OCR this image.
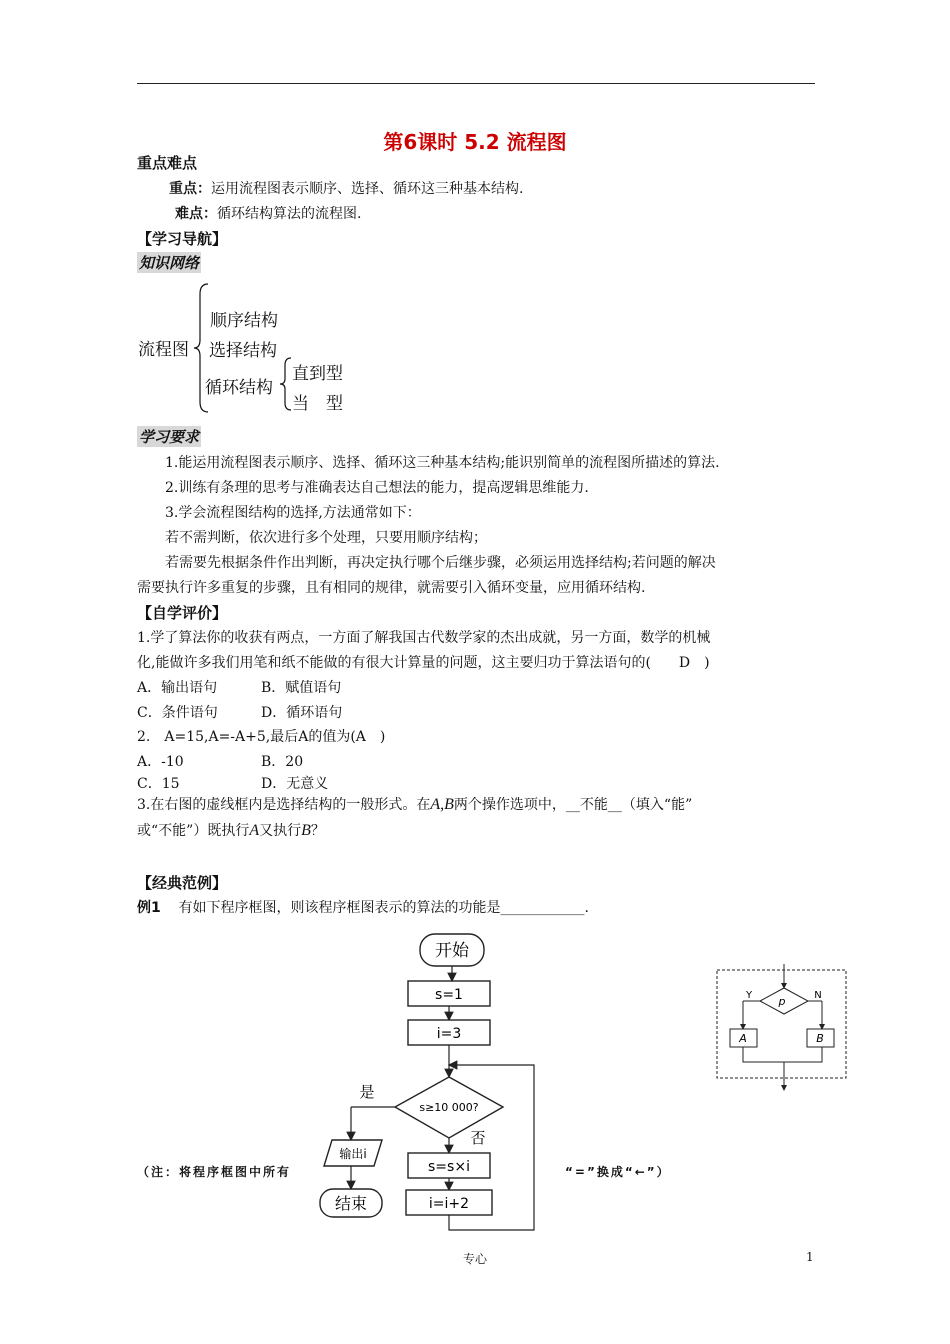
第6课时 5.2 流程图
重点难点
重点：运用流程图表示顺序、选择、循环这三种基本结构.
难点：循环结构算法的流程图.
【学习导航】
知识网络
流程图
顺序结构
选择结构
循环结构
直到型
当　型
学习要求
1.能运用流程图表示顺序、选择、循环这三种基本结构;能识别简单的流程图所描述的算法.
2.训练有条理的思考与准确表达自己想法的能力，提高逻辑思维能力.
3.学会流程图结构的选择,方法通常如下：
若不需判断，依次进行多个处理，只要用顺序结构；
若需要先根据条件作出判断，再决定执行哪个后继步骤，必须运用选择结构;若问题的解决
需要执行许多重复的步骤，且有相同的规律，就需要引入循环变量，应用循环结构.
【自学评价】
1.学了算法你的收获有两点，一方面了解我国古代数学家的杰出成就，另一方面，数学的机械
化,能做许多我们用笔和纸不能做的有很大计算量的问题，这主要归功于算法语句的(　　D　)
A．输出语句	B．赋值语句
C．条件语句	D．循环语句
2.　A=15,A=-A+5,最后A的值为(A　)
A．-10	B．20
C．15	D．无意义
3.在右图的虚线框内是选择结构的一般形式。在A,B两个操作选项中，__不能__（填入“能”
或“不能”）既执行A又执行B？
【经典范例】
例1 有如下程序框图，则该程序框图表示的算法的功能是____________.
开始
s=1
i=3
s≥10 000?
是
输出i
结束
否
s=s×i
i=i+2
p
Y	N
A	B
（注：将程序框图中所有	“=”换成“←”）
专心	1
